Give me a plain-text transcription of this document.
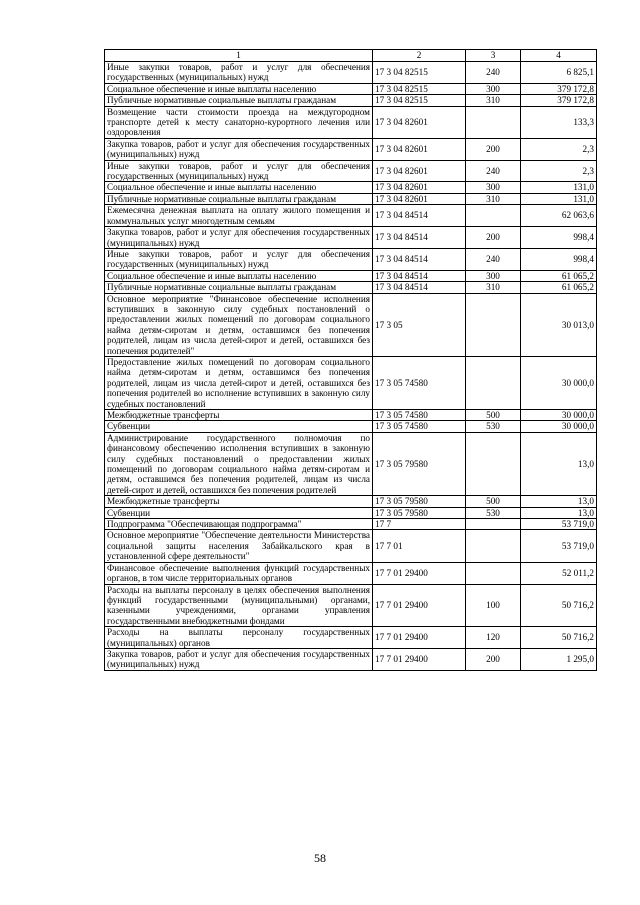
1	2	3	4
Иные закупки товаров, работ и услуг для обеспечения государственных (муниципальных) нужд	17 3 04 82515	240	6 825,1
Социальное обеспечение и иные выплаты населению	17 3 04 82515	300	379 172,8
Публичные нормативные социальные выплаты гражданам	17 3 04 82515	310	379 172,8
Возмещение части стоимости проезда на междугородном транспорте детей к месту санаторно-курортного лечения или оздоровления	17 3 04 82601		133,3
Закупка товаров, работ и услуг для обеспечения государственных (муниципальных) нужд	17 3 04 82601	200	2,3
Иные закупки товаров, работ и услуг для обеспечения государственных (муниципальных) нужд	17 3 04 82601	240	2,3
Социальное обеспечение и иные выплаты населению	17 3 04 82601	300	131,0
Публичные нормативные социальные выплаты гражданам	17 3 04 82601	310	131,0
Ежемесячна денежная выплата на оплату жилого помещения и коммунальных услуг многодетным семьям	17 3 04 84514		62 063,6
Закупка товаров, работ и услуг для обеспечения государственных (муниципальных) нужд	17 3 04 84514	200	998,4
Иные закупки товаров, работ и услуг для обеспечения государственных (муниципальных) нужд	17 3 04 84514	240	998,4
Социальное обеспечение и иные выплаты населению	17 3 04 84514	300	61 065,2
Публичные нормативные социальные выплаты гражданам	17 3 04 84514	310	61 065,2
Основное мероприятие "Финансовое обеспечение исполнения вступивших в законную силу судебных постановлений о предоставлении жилых помещений по договорам социального найма детям-сиротам и детям, оставшимся без попечения родителей, лицам из числа детей-сирот и детей, оставшихся без попечения родителей"	17 3 05		30 013,0
Предоставление жилых помещений по договорам социального найма детям-сиротам и детям, оставшимся без попечения родителей, лицам из числа детей-сирот и детей, оставшихся без попечения родителей во исполнение вступивших в законную силу судебных постановлений	17 3 05 74580		30 000,0
Межбюджетные трансферты	17 3 05 74580	500	30 000,0
Субвенции	17 3 05 74580	530	30 000,0
Администрирование государственного полномочия по финансовому обеспечению исполнения вступивших в законную силу судебных постановлений о предоставлении жилых помещений по договорам социального найма детям-сиротам и детям, оставшимся без попечения родителей, лицам из числа детей-сирот и детей, оставшихся без попечения родителей	17 3 05 79580		13,0
Межбюджетные трансферты	17 3 05 79580	500	13,0
Субвенции	17 3 05 79580	530	13,0
Подпрограмма "Обеспечивающая подпрограмма"	17 7		53 719,0
Основное мероприятие "Обеспечение деятельности Министерства социальной защиты населения Забайкальского края в установленной сфере деятельности"	17 7 01		53 719,0
Финансовое обеспечение выполнения функций государственных органов, в том числе территориальных органов	17 7 01 29400		52 011,2
Расходы на выплаты персоналу в целях обеспечения выполнения функций государственными (муниципальными) органами, казенными учреждениями, органами управления государственными внебюджетными фондами	17 7 01 29400	100	50 716,2
Расходы на выплаты персоналу государственных (муниципальных) органов	17 7 01 29400	120	50 716,2
Закупка товаров, работ и услуг для обеспечения государственных (муниципальных) нужд	17 7 01 29400	200	1 295,0
58
